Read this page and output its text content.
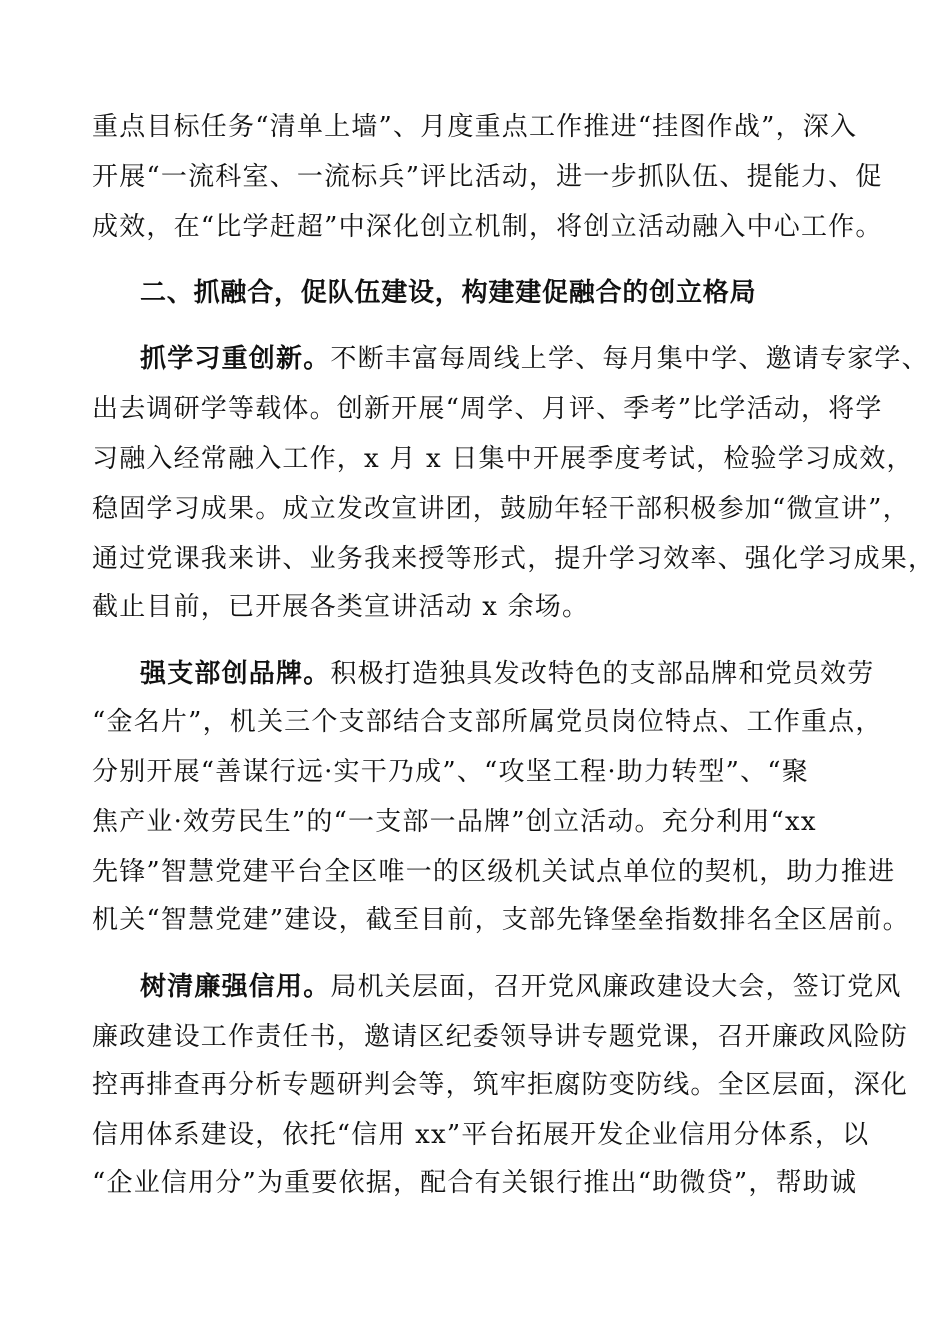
重点目标任务“清单上墙”、月度重点工作推进“挂图作战”，深入

开展“一流科室、一流标兵”评比活动，进一步抓队伍、提能力、促

成效，在“比学赶超”中深化创立机制，将创立活动融入中心工作。

二、抓融合，促队伍建设，构建建促融合的创立格局

抓学习重创新。不断丰富每周线上学、每月集中学、邀请专家学、

出去调研学等载体。创新开展“周学、月评、季考”比学活动，将学

习融入经常融入工作，x 月 x 日集中开展季度考试，检验学习成效，

稳固学习成果。成立发改宣讲团，鼓励年轻干部积极参加“微宣讲”，

通过党课我来讲、业务我来授等形式，提升学习效率、强化学习成果，

截止目前，已开展各类宣讲活动 x 余场。

强支部创品牌。积极打造独具发改特色的支部品牌和党员效劳

“金名片”，机关三个支部结合支部所属党员岗位特点、工作重点，

分别开展“善谋行远·实干乃成”、“攻坚工程·助力转型”、“聚

焦产业·效劳民生”的“一支部一品牌”创立活动。充分利用“xx

先锋”智慧党建平台全区唯一的区级机关试点单位的契机，助力推进

机关“智慧党建”建设，截至目前，支部先锋堡垒指数排名全区居前。

树清廉强信用。局机关层面，召开党风廉政建设大会，签订党风

廉政建设工作责任书，邀请区纪委领导讲专题党课，召开廉政风险防

控再排查再分析专题研判会等，筑牢拒腐防变防线。全区层面，深化

信用体系建设，依托“信用 xx”平台拓展开发企业信用分体系，以

“企业信用分”为重要依据，配合有关银行推出“助微贷”，帮助诚
